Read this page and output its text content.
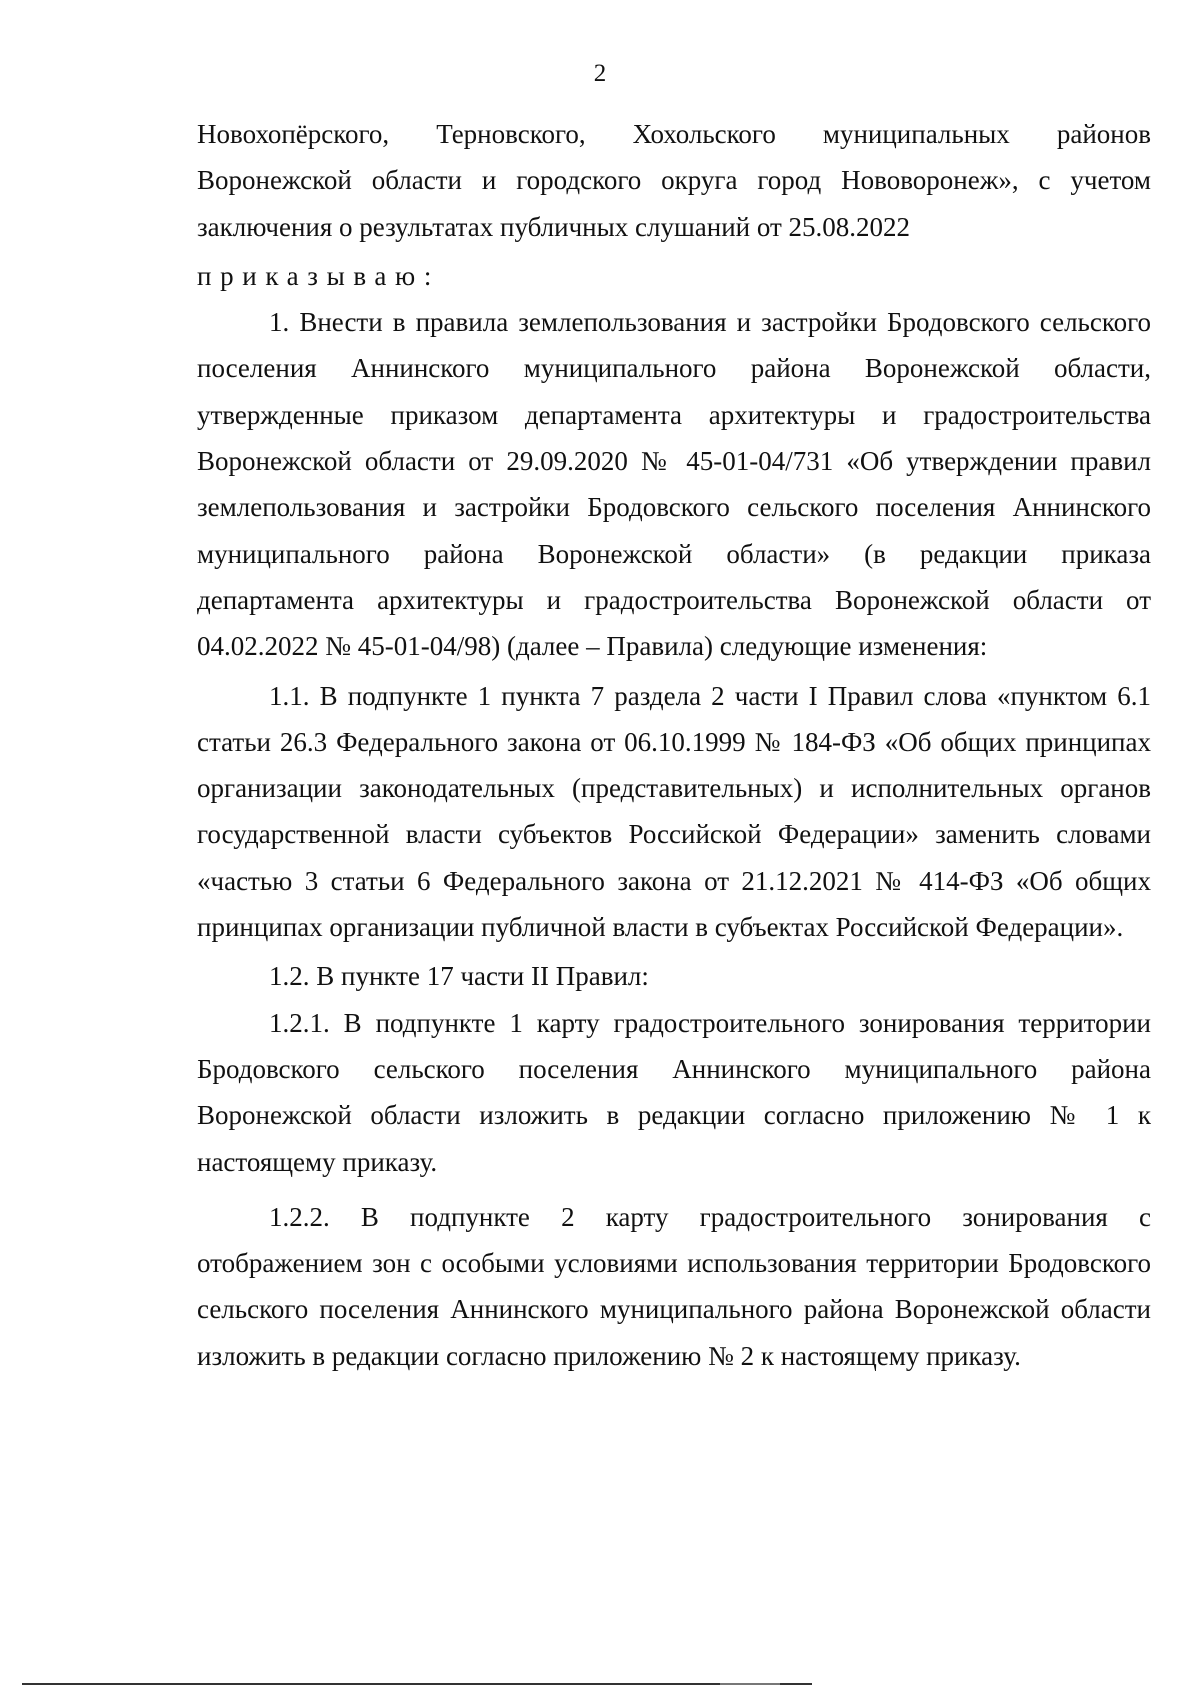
2

Новохопёрского, Терновского, Хохольского муниципальных районов Воронежской области и городского округа город Нововоронеж», с учетом заключения о результатах публичных слушаний от 25.08.2022

приказываю:

1. Внести в правила землепользования и застройки Бродовского сельского поселения Аннинского муниципального района Воронежской области, утвержденные приказом департамента архитектуры и градостроительства Воронежской области от 29.09.2020 № 45-01-04/731 «Об утверждении правил землепользования и застройки Бродовского сельского поселения Аннинского муниципального района Воронежской области» (в редакции приказа департамента архитектуры и градостроительства Воронежской области от 04.02.2022 № 45-01-04/98) (далее – Правила) следующие изменения:

1.1. В подпункте 1 пункта 7 раздела 2 части I Правил слова «пунктом 6.1 статьи 26.3 Федерального закона от 06.10.1999 № 184-ФЗ «Об общих принципах организации законодательных (представительных) и исполнительных органов государственной власти субъектов Российской Федерации» заменить словами «частью 3 статьи 6 Федерального закона от 21.12.2021 № 414-ФЗ «Об общих принципах организации публичной власти в субъектах Российской Федерации».

1.2. В пункте 17 части II Правил:

1.2.1. В подпункте 1 карту градостроительного зонирования территории Бродовского сельского поселения Аннинского муниципального района Воронежской области изложить в редакции согласно приложению № 1 к настоящему приказу.

1.2.2. В подпункте 2 карту градостроительного зонирования с отображением зон с особыми условиями использования территории Бродовского сельского поселения Аннинского муниципального района Воронежской области изложить в редакции согласно приложению № 2 к настоящему приказу.
